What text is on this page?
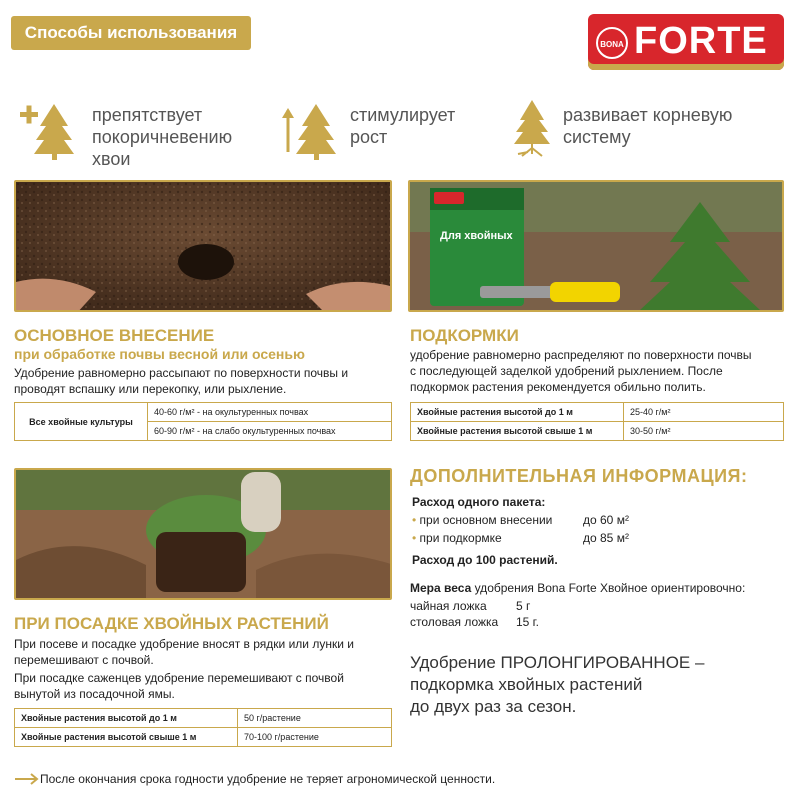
Способы использования
BONA FORTE
препятствует
покоричневению
хвои
стимулирует
рост
развивает корневую
систему
Для хвойных
ОСНОВНОЕ ВНЕСЕНИЕ
при обработке почвы весной или осенью
Удобрение равномерно рассыпают по поверхности почвы и
проводят вспашку или перекопку, или рыхление.
Все хвойные культуры	40-60 г/м² - на окультуренных почвах
60-90 г/м² - на слабо окультуренных почвах
ПОДКОРМКИ
удобрение равномерно распределяют по поверхности почвы
с последующей заделкой удобрений рыхлением. После
подкормок растения рекомендуется обильно полить.
Хвойные растения высотой до 1 м	25-40 г/м²
Хвойные растения высотой свыше 1 м	30-50 г/м²
ПРИ ПОСАДКЕ ХВОЙНЫХ РАСТЕНИЙ
При посеве и посадке удобрение вносят в рядки или лунки и
перемешивают с почвой.
При посадке саженцев удобрение перемешивают с почвой
вынутой из посадочной ямы.
Хвойные растения высотой до 1 м	50 г/растение
Хвойные растения высотой свыше 1 м	70-100 г/растение
ДОПОЛНИТЕЛЬНАЯ ИНФОРМАЦИЯ:
Расход одного пакета:
• при основном внесении	до 60 м²
• при подкормке	до 85 м²
Расход до 100 растений.
Мера веса удобрения Bona Forte Хвойное ориентировочно:
чайная ложка 5 г
столовая ложка 15 г.
Удобрение ПРОЛОНГИРОВАННОЕ –
подкормка хвойных растений
до двух раз за сезон.
После окончания срока годности удобрение не теряет агрономической ценности.
